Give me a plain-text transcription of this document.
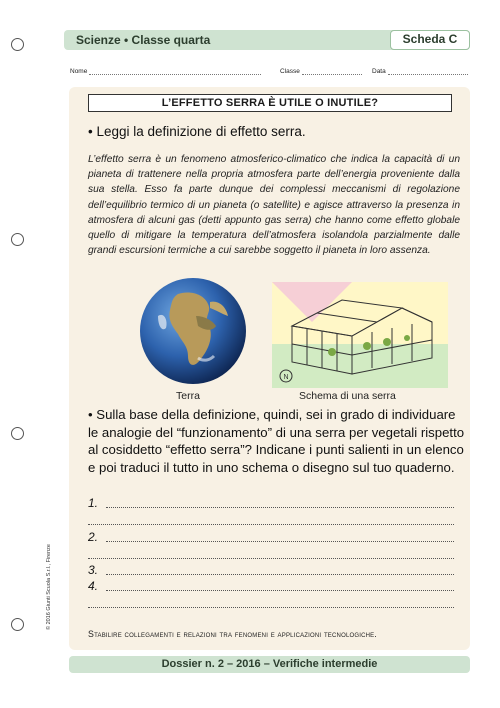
Scienze • Classe quarta	Scheda C
Nome	Classe	Data
L’EFFETTO SERRA È UTILE O INUTILE?
• Leggi la definizione di effetto serra.
L’effetto serra è un fenomeno atmosferico-climatico che indica la capacità di un pianeta di trattenere nella propria atmosfera parte dell’energia proveniente dalla sua stella. Esso fa parte dunque dei complessi meccanismi di regolazione dell’equilibrio termico di un pianeta (o satellite) e agisce attraverso la presenza in atmosfera di alcuni gas (detti appunto gas serra) che hanno come effetto globale quello di mitigare la temperatura dell’atmosfera isolandola parzialmente dalle grandi escursioni termiche a cui sarebbe soggetto il pianeta in loro assenza.
Terra
N
Schema di una serra
• Sulla base della definizione, quindi, sei in grado di individuare le analogie del “funzionamento” di una serra per vegetali rispetto al cosiddetto “effetto serra”? Indicane i punti salienti in un elenco e poi traduci il tutto in uno schema o disegno sul tuo quaderno.
1.
2.
3.
4.
Stabilire collegamenti e relazioni tra fenomeni e applicazioni tecnologiche.
Dossier n. 2 – 2016 – Verifiche intermedie
© 2016 Giunti Scuola S.r.l., Firenze
